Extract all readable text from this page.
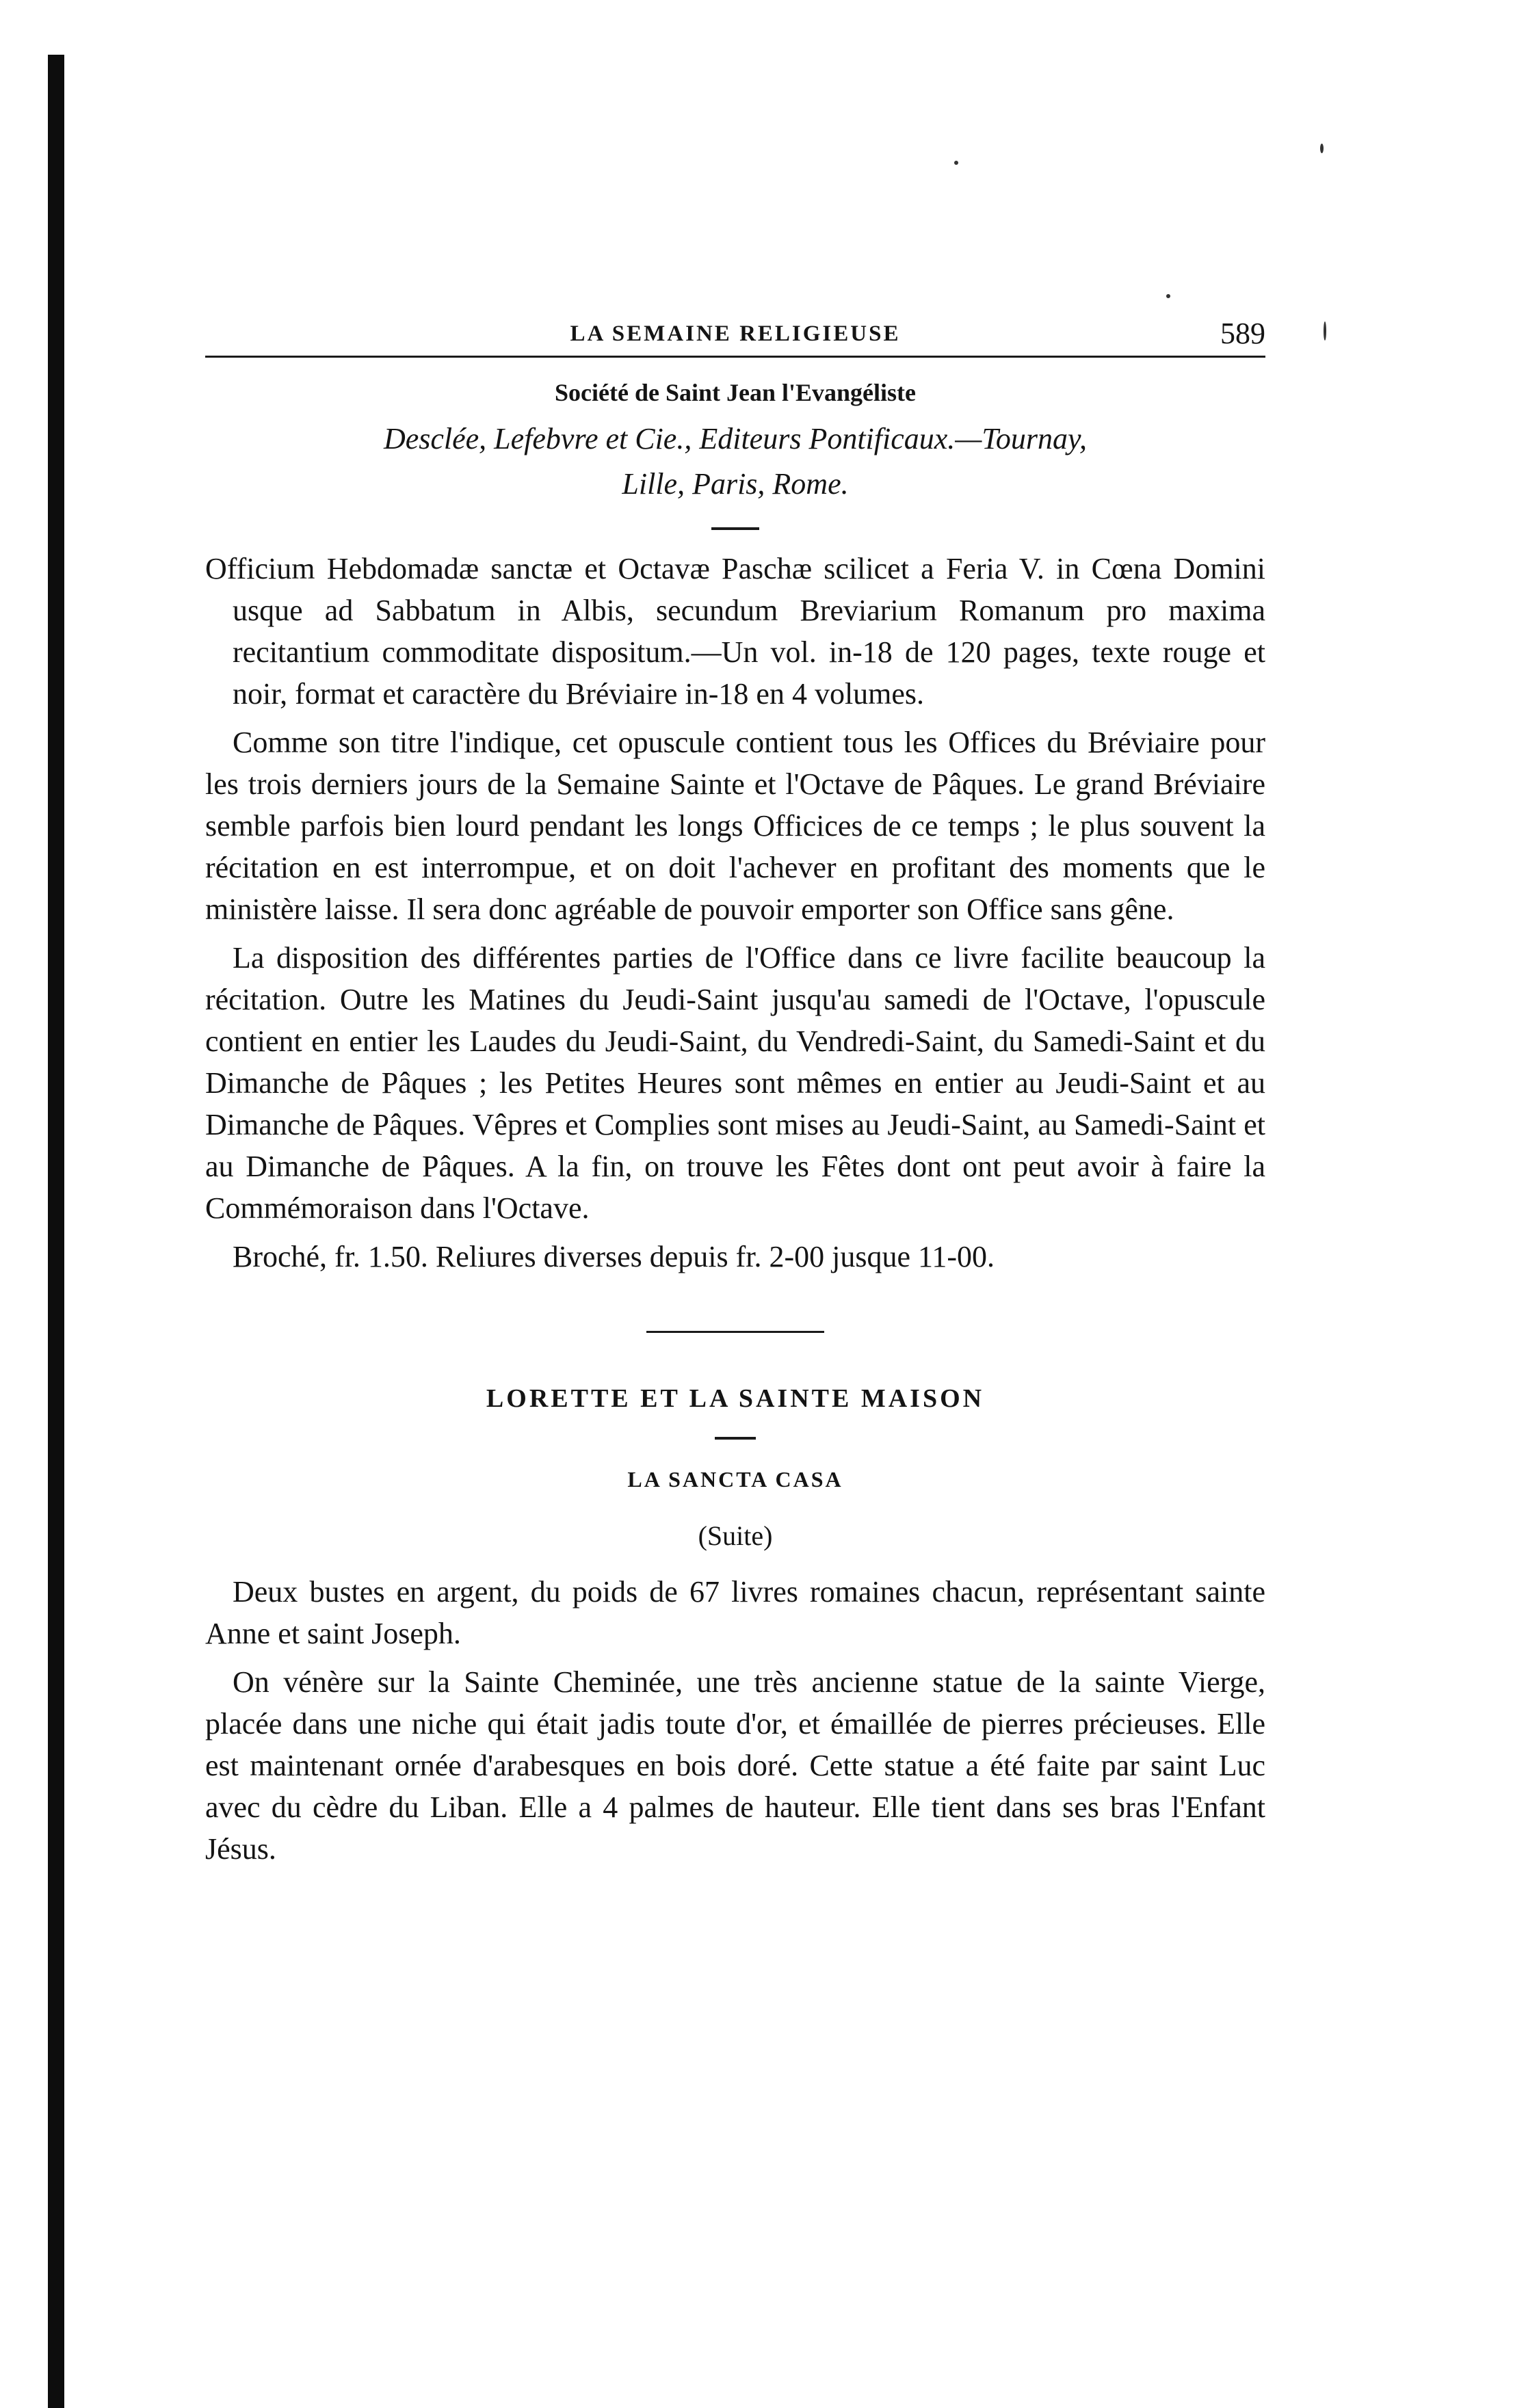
LA SEMAINE RELIGIEUSE	589

Société de Saint Jean l'Evangéliste

Desclée, Lefebvre et Cie., Editeurs Pontificaux.—Tournay,

Lille, Paris, Rome.

Officium Hebdomadæ sanctæ et Octavæ Paschæ scilicet a Feria V. in Cœna Domini usque ad Sabbatum in Albis, secundum Breviarium Romanum pro maxima recitantium commoditate dispositum.—Un vol. in-18 de 120 pages, texte rouge et noir, format et caractère du Bréviaire in-18 en 4 volumes.

Comme son titre l'indique, cet opuscule contient tous les Offices du Bréviaire pour les trois derniers jours de la Semaine Sainte et l'Octave de Pâques. Le grand Bréviaire semble parfois bien lourd pendant les longs Officices de ce temps ; le plus souvent la récitation en est interrompue, et on doit l'achever en profitant des moments que le ministère laisse. Il sera donc agréable de pouvoir emporter son Office sans gêne.

La disposition des différentes parties de l'Office dans ce livre facilite beaucoup la récitation. Outre les Matines du Jeudi-Saint jusqu'au samedi de l'Octave, l'opuscule contient en entier les Laudes du Jeudi-Saint, du Vendredi-Saint, du Samedi-Saint et du Dimanche de Pâques ; les Petites Heures sont mêmes en entier au Jeudi-Saint et au Dimanche de Pâques. Vêpres et Complies sont mises au Jeudi-Saint, au Samedi-Saint et au Dimanche de Pâques. A la fin, on trouve les Fêtes dont ont peut avoir à faire la Commémoraison dans l'Octave.

Broché, fr. 1.50. Reliures diverses depuis fr. 2-00 jusque 11-00.

LORETTE ET LA SAINTE MAISON

LA SANCTA CASA

(Suite)

Deux bustes en argent, du poids de 67 livres romaines chacun, représentant sainte Anne et saint Joseph.

On vénère sur la Sainte Cheminée, une très ancienne statue de la sainte Vierge, placée dans une niche qui était jadis toute d'or, et émaillée de pierres précieuses. Elle est maintenant ornée d'arabesques en bois doré. Cette statue a été faite par saint Luc avec du cèdre du Liban. Elle a 4 palmes de hauteur. Elle tient dans ses bras l'Enfant Jésus.
